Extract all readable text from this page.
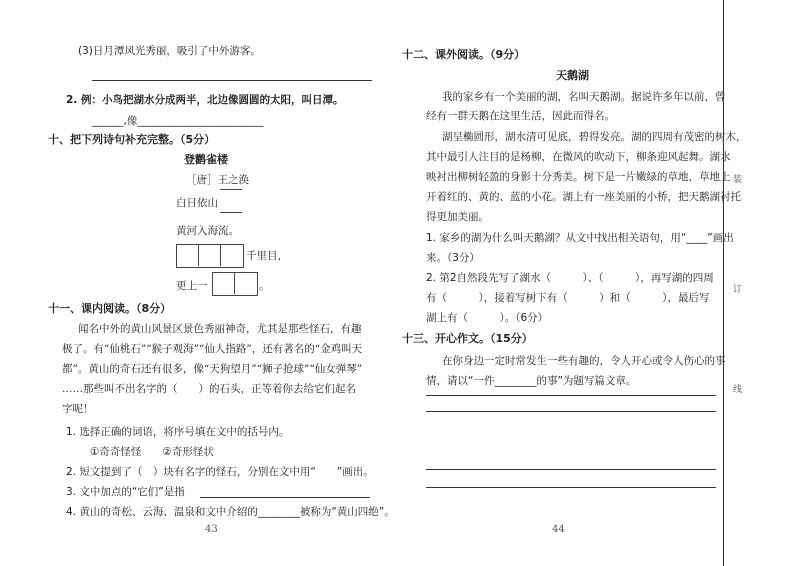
(3)日月潭风光秀丽，吸引了中外游客。
2. 例：小鸟把湖水分成两半，北边像圆圆的太阳，叫日潭。
______,像________________________
十、把下列诗句补充完整。（5分）
登鹳雀楼
［唐］王之涣
白日依山
黄河入海流。
千里目，
更上一	。
十一、课内阅读。（8分）
闻名中外的黄山风景区景色秀丽神奇，尤其是那些怪石，有趣
极了。有“仙桃石”“猴子观海”“仙人指路”，还有著名的“金鸡叫天
都”。黄山的奇石还有很多，像“天狗望月”“狮子抢球”“仙女弹琴”
……那些叫不出名字的（　　）的石头，正等着你去给它们起名
字呢！
1. 选择正确的词语，将序号填在文中的括号内。
①奇奇怪怪　　②奇形怪状
2. 短文提到了（　）块有名字的怪石，分别在文中用“　　”画出。
3. 文中加点的“它们”是指
4. 黄山的奇松、云海、温泉和文中介绍的________被称为“黄山四绝”。
43
十二、课外阅读。（9分）
天鹅湖
我的家乡有一个美丽的湖，名叫天鹅湖。据说许多年以前，曾
经有一群天鹅在这里生活，因此而得名。
湖呈椭圆形，湖水清可见底，碧得发亮。湖的四周有茂密的树木，
其中最引人注目的是杨柳，在微风的吹动下，柳条迎风起舞。湖水
映衬出柳树轻盈的身影十分秀美。树下是一片嫩绿的草地，草地上
开着红的、黄的、蓝的小花。湖上有一座美丽的小桥，把天鹅湖衬托
得更加美丽。
1. 家乡的湖为什么叫天鹅湖？从文中找出相关语句，用“____”画出
来。（3分）
2. 第2自然段先写了湖水（　　　）、（　　　），再写湖的四周
有（　　　），接着写树下有（　　　）和（　　　），最后写
湖上有（　　　）。（6分）
十三、开心作文。（15分）
在你身边一定时常发生一些有趣的，令人开心或令人伤心的事
情，请以“一件________的事”为题写篇文章。
44
装
订
线
